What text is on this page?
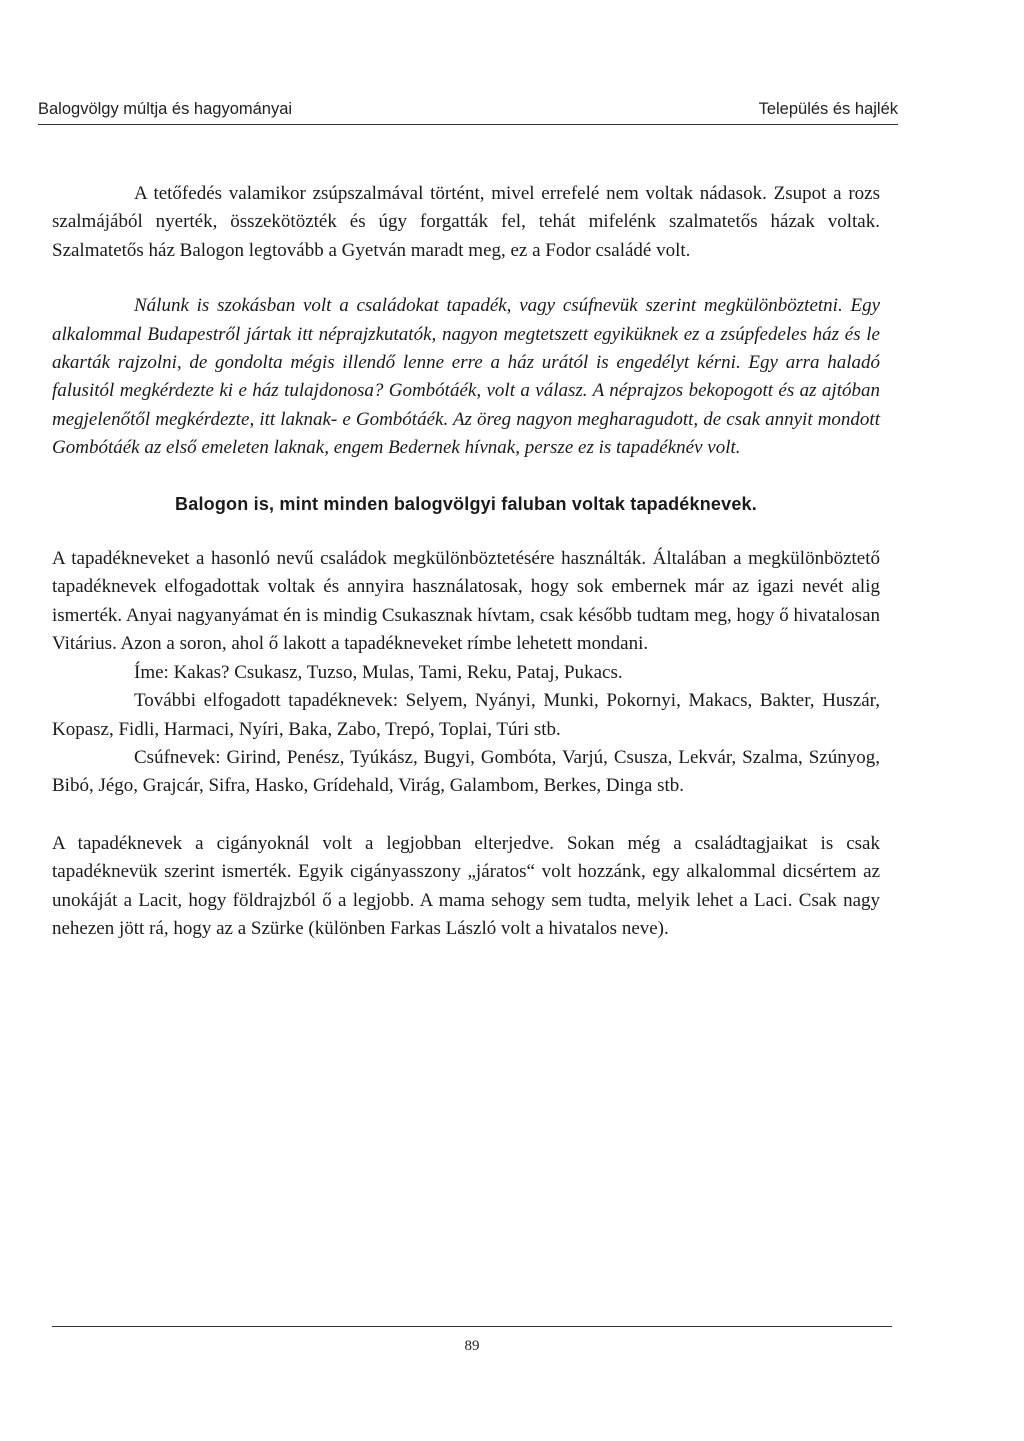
Balogvölgy múltja és hagyományai	Település és hajlék

A tetőfedés valamikor zsúpszalmával történt, mivel errefelé nem voltak nádasok. Zsupot a rozs szalmájából nyerték, összekötözték és úgy forgatták fel, tehát mifelénk szalmatetős házak voltak. Szalmatetős ház Balogon legtovább a Gyetván maradt meg, ez a Fodor családé volt.

Nálunk is szokásban volt a családokat tapadék, vagy csúfnevük szerint megkülönböztetni. Egy alkalommal Budapestről jártak itt néprajzkutatók, nagyon megtetszett egyiküknek ez a zsúpfedeles ház és le akarták rajzolni, de gondolta mégis illendő lenne erre a ház urától is engedélyt kérni. Egy arra haladó falusitól megkérdezte ki e ház tulajdonosa? Gombótáék, volt a válasz. A néprajzos bekopogott és az ajtóban megjelenőtől megkérdezte, itt laknak- e Gombótáék. Az öreg nagyon megharagudott, de csak annyit mondott Gombótáék az első emeleten laknak, engem Bedernek hívnak, persze ez is tapadéknév volt.

Balogon is, mint minden balogvölgyi faluban voltak tapadéknevek.

A tapadékneveket a hasonló nevű családok megkülönböztetésére használták. Általában a megkülönböztető tapadéknevek elfogadottak voltak és annyira használatosak, hogy sok embernek már az igazi nevét alig ismerték. Anyai nagyanyámat én is mindig Csukasznak hívtam, csak később tudtam meg, hogy ő hivatalosan Vitárius. Azon a soron, ahol ő lakott a tapadékneveket rímbe lehetett mondani.

Íme: Kakas? Csukasz, Tuzso, Mulas, Tami, Reku, Pataj, Pukacs.

További elfogadott tapadéknevek: Selyem, Nyányi, Munki, Pokornyi, Makacs, Bakter, Huszár, Kopasz, Fidli, Harmaci, Nyíri, Baka, Zabo, Trepó, Toplai, Túri stb.

Csúfnevek: Girind, Penész, Tyúkász, Bugyi, Gombóta, Varjú, Csusza, Lekvár, Szalma, Szúnyog, Bibó, Jégo, Grajcár, Sifra, Hasko, Grídehald, Virág, Galambom, Berkes, Dinga stb.

A tapadéknevek a cigányoknál volt a legjobban elterjedve. Sokan még a családtagjaikat is csak tapadéknevük szerint ismerték. Egyik cigányasszony „járatos“ volt hozzánk, egy alkalommal dicsértem az unokáját a Lacit, hogy földrajzból ő a legjobb. A mama sehogy sem tudta, melyik lehet a Laci. Csak nagy nehezen jött rá, hogy az a Szürke (különben Farkas László volt a hivatalos neve).

89
